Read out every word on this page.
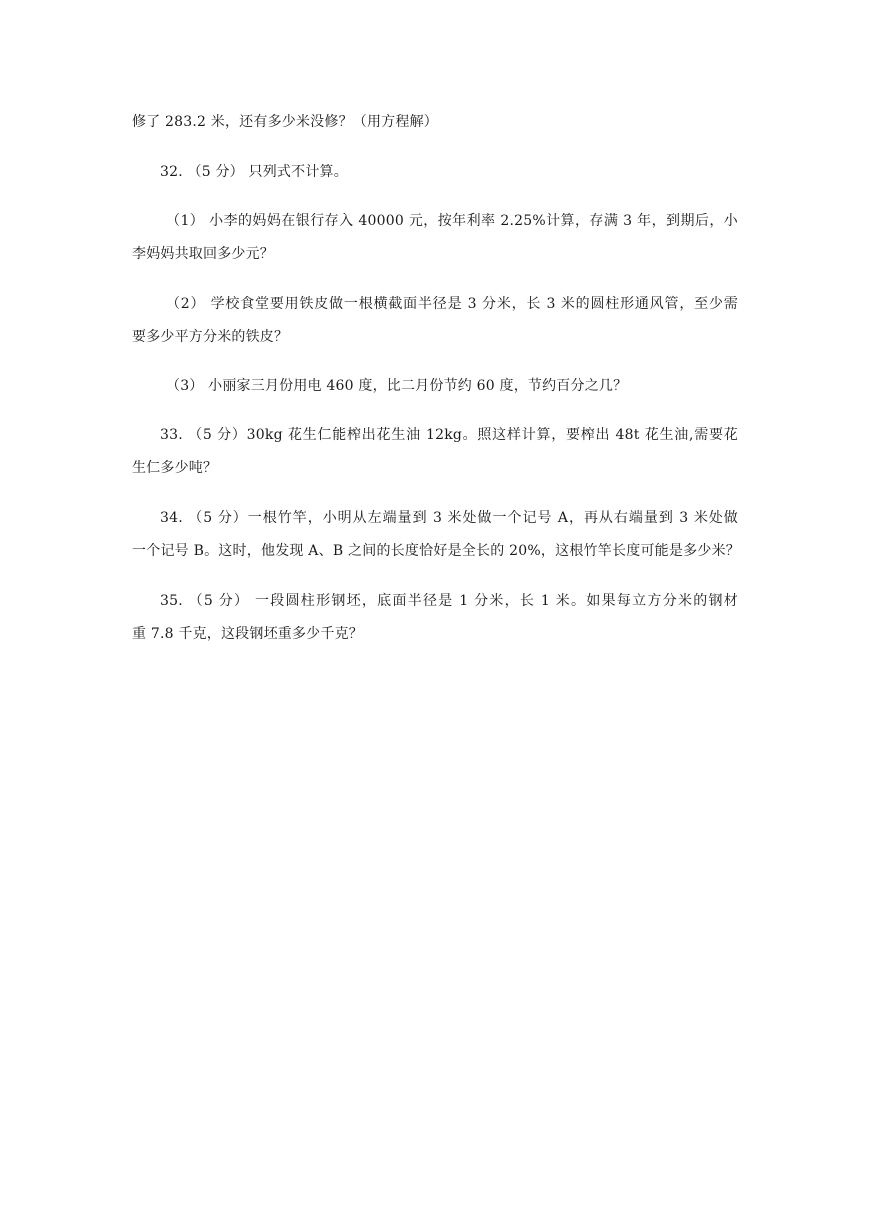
修了 283.2 米，还有多少米没修？（用方程解）
32. （5 分） 只列式不计算。
（1） 小李的妈妈在银行存入 40000 元，按年利率 2.25%计算，存满 3 年，到期后，小
李妈妈共取回多少元？
（2） 学校食堂要用铁皮做一根横截面半径是 3 分米，长 3 米的圆柱形通风管，至少需
要多少平方分米的铁皮？
（3） 小丽家三月份用电 460 度，比二月份节约 60 度，节约百分之几？
33. （5 分）30kg 花生仁能榨出花生油 12kg。照这样计算，要榨出 48t 花生油,需要花
生仁多少吨？
34. （5 分）一根竹竿，小明从左端量到 3 米处做一个记号 A，再从右端量到 3 米处做
一个记号 B。这时，他发现 A、B 之间的长度恰好是全长的 20%，这根竹竿长度可能是多少米？
35. （5 分） 一段圆柱形钢坯，底面半径是 1 分米，长 1 米。如果每立方分米的钢材
重 7.8 千克，这段钢坯重多少千克？
